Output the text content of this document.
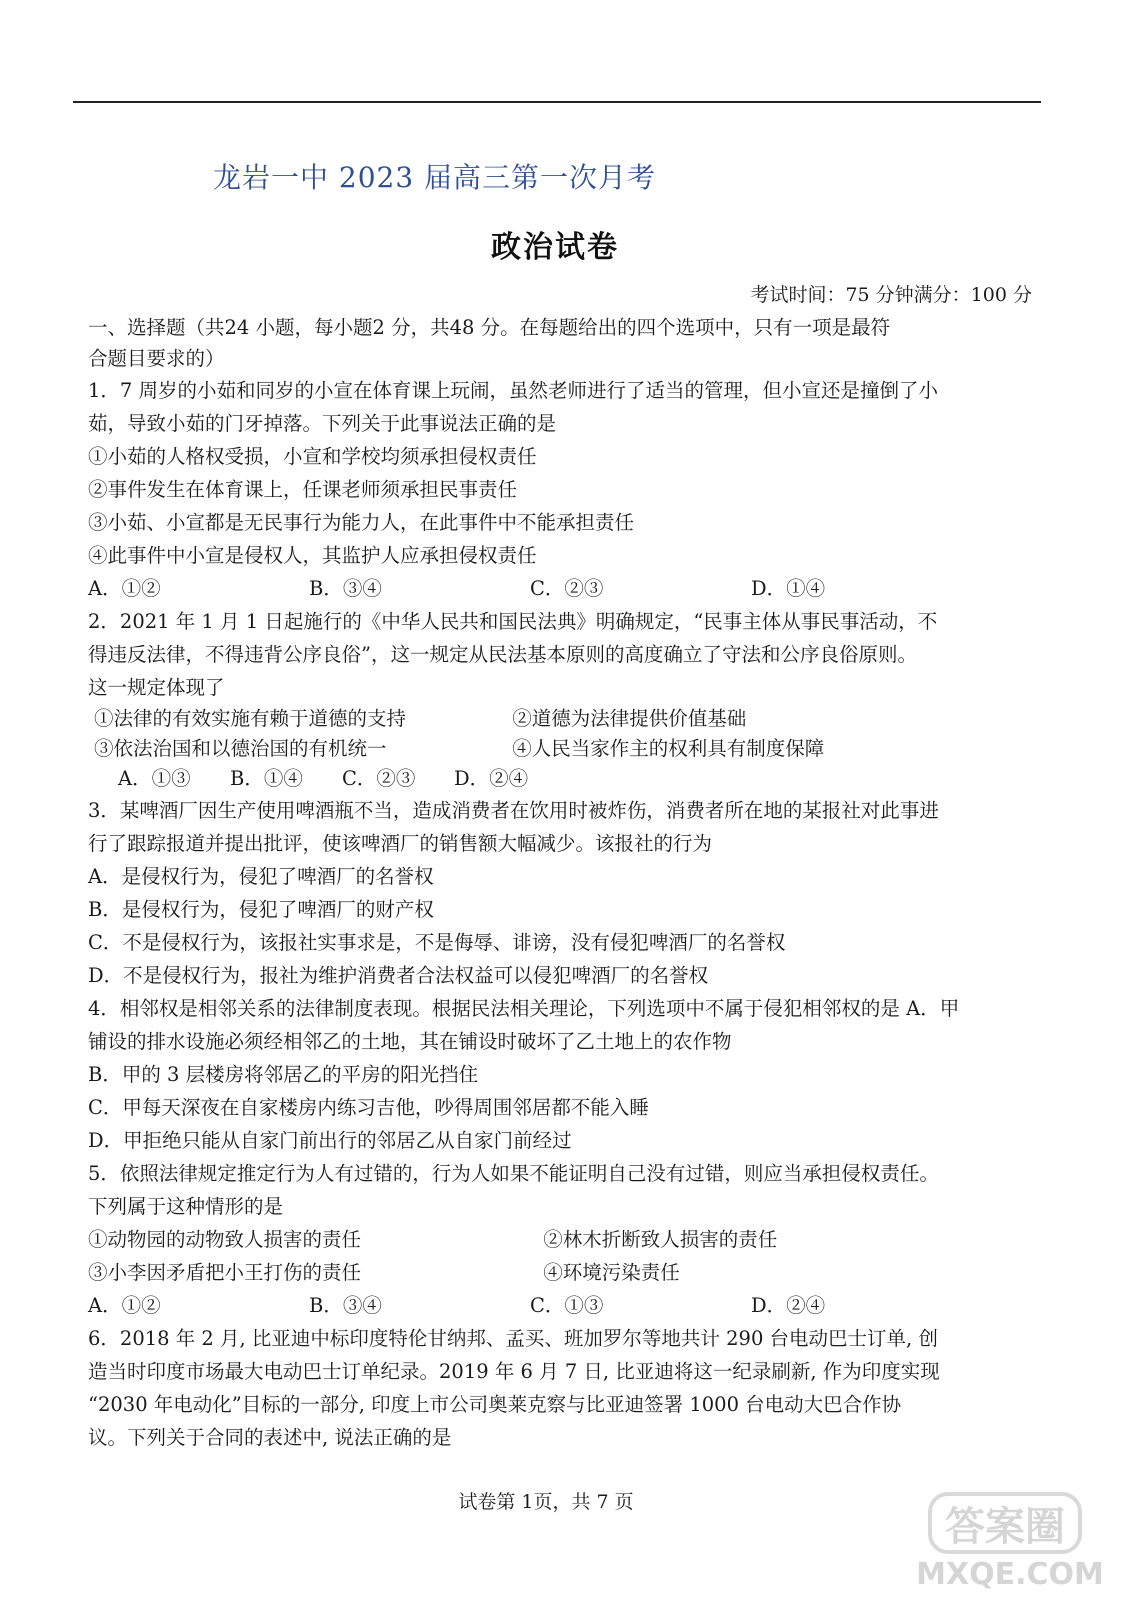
龙岩一中 2023 届高三第一次月考
政治试卷
考试时间：75 分钟满分：100 分
一、选择题（共24 小题，每小题2 分，共48 分。在每题给出的四个选项中，只有一项是最符
合题目要求的）
1．7 周岁的小茹和同岁的小宣在体育课上玩闹，虽然老师进行了适当的管理，但小宣还是撞倒了小
茹，导致小茹的门牙掉落。下列关于此事说法正确的是
①小茹的人格权受损，小宣和学校均须承担侵权责任
②事件发生在体育课上，任课老师须承担民事责任
③小茹、小宣都是无民事行为能力人，在此事件中不能承担责任
④此事件中小宣是侵权人，其监护人应承担侵权责任
A．①②	B．③④	C．②③	D．①④
2．2021 年 1 月 1 日起施行的《中华人民共和国民法典》明确规定，“民事主体从事民事活动，不
得违反法律，不得违背公序良俗”，这一规定从民法基本原则的高度确立了守法和公序良俗原则。
这一规定体现了
①法律的有效实施有赖于道德的支持	②道德为法律提供价值基础
③依法治国和以德治国的有机统一	④人民当家作主的权利具有制度保障
A．①③	B．①④	C．②③	D．②④
3．某啤酒厂因生产使用啤酒瓶不当，造成消费者在饮用时被炸伤，消费者所在地的某报社对此事进
行了跟踪报道并提出批评，使该啤酒厂的销售额大幅减少。该报社的行为
A．是侵权行为，侵犯了啤酒厂的名誉权
B．是侵权行为，侵犯了啤酒厂的财产权
C．不是侵权行为，该报社实事求是，不是侮辱、诽谤，没有侵犯啤酒厂的名誉权
D．不是侵权行为，报社为维护消费者合法权益可以侵犯啤酒厂的名誉权
4．相邻权是相邻关系的法律制度表现。根据民法相关理论，下列选项中不属于侵犯相邻权的是 A．甲
铺设的排水设施必须经相邻乙的土地，其在铺设时破坏了乙土地上的农作物
B．甲的 3 层楼房将邻居乙的平房的阳光挡住
C．甲每天深夜在自家楼房内练习吉他，吵得周围邻居都不能入睡
D．甲拒绝只能从自家门前出行的邻居乙从自家门前经过
5．依照法律规定推定行为人有过错的，行为人如果不能证明自己没有过错，则应当承担侵权责任。
下列属于这种情形的是
①动物园的动物致人损害的责任	②林木折断致人损害的责任
③小李因矛盾把小王打伤的责任	④环境污染责任
A．①②	B．③④	C．①③	D．②④
6．2018 年 2 月, 比亚迪中标印度特伦甘纳邦、孟买、班加罗尔等地共计 290 台电动巴士订单, 创
造当时印度市场最大电动巴士订单纪录。2019 年 6 月 7 日, 比亚迪将这一纪录刷新, 作为印度实现
“2030 年电动化”目标的一部分, 印度上市公司奥莱克察与比亚迪签署 1000 台电动大巴合作协
议。下列关于合同的表述中, 说法正确的是
试卷第 1页，共 7 页
答案圈
MXQE.COM
